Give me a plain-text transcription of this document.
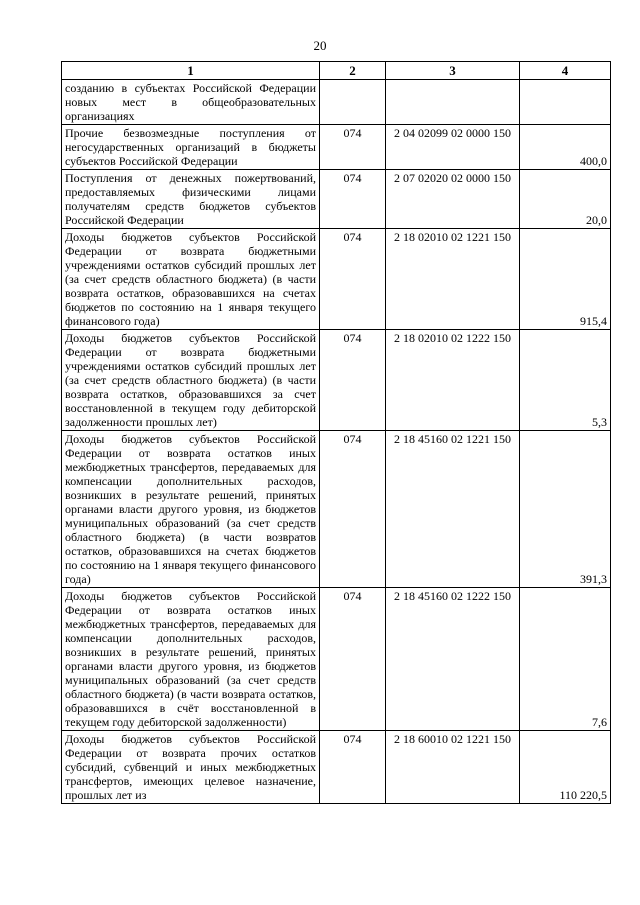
20
1	2	3	4
созданию в субъектах Российской Федерации новых мест в общеобразовательных организациях			
Прочие безвозмездные поступления от негосударственных организаций в бюджеты субъектов Российской Федерации	074	2 04 02099 02 0000 150	400,0
Поступления от денежных пожертвований, предоставляемых физическими лицами получателям средств бюджетов субъектов Российской Федерации	074	2 07 02020 02 0000 150	20,0
Доходы бюджетов субъектов Российской Федерации от возврата бюджетными учреждениями остатков субсидий прошлых лет (за счет средств областного бюджета) (в части возврата остатков, образовавшихся на счетах бюджетов по состоянию на 1 января текущего финансового года)	074	2 18 02010 02 1221 150	915,4
Доходы бюджетов субъектов Российской Федерации от возврата бюджетными учреждениями остатков субсидий прошлых лет (за счет средств областного бюджета) (в части возврата остатков, образовавшихся за счет восстановленной в текущем году дебиторской задолженности прошлых лет)	074	2 18 02010 02 1222 150	5,3
Доходы бюджетов субъектов Российской Федерации от возврата остатков иных межбюджетных трансфертов, передаваемых для компенсации дополнительных расходов, возникших в результате решений, принятых органами власти другого уровня, из бюджетов муниципальных образований (за счет средств областного бюджета) (в части возвратов остатков, образовавшихся на счетах бюджетов по состоянию на 1 января текущего финансового года)	074	2 18 45160 02 1221 150	391,3
Доходы бюджетов субъектов Российской Федерации от возврата остатков иных межбюджетных трансфертов, передаваемых для компенсации дополнительных расходов, возникших в результате решений, принятых органами власти другого уровня, из бюджетов муниципальных образований (за счет средств областного бюджета) (в части возврата остатков, образовавшихся в счёт восстановленной в текущем году дебиторской задолженности)	074	2 18 45160 02 1222 150	7,6
Доходы бюджетов субъектов Российской Федерации от возврата прочих остатков субсидий, субвенций и иных межбюджетных трансфертов, имеющих целевое назначение, прошлых лет из	074	2 18 60010 02 1221 150	110 220,5
